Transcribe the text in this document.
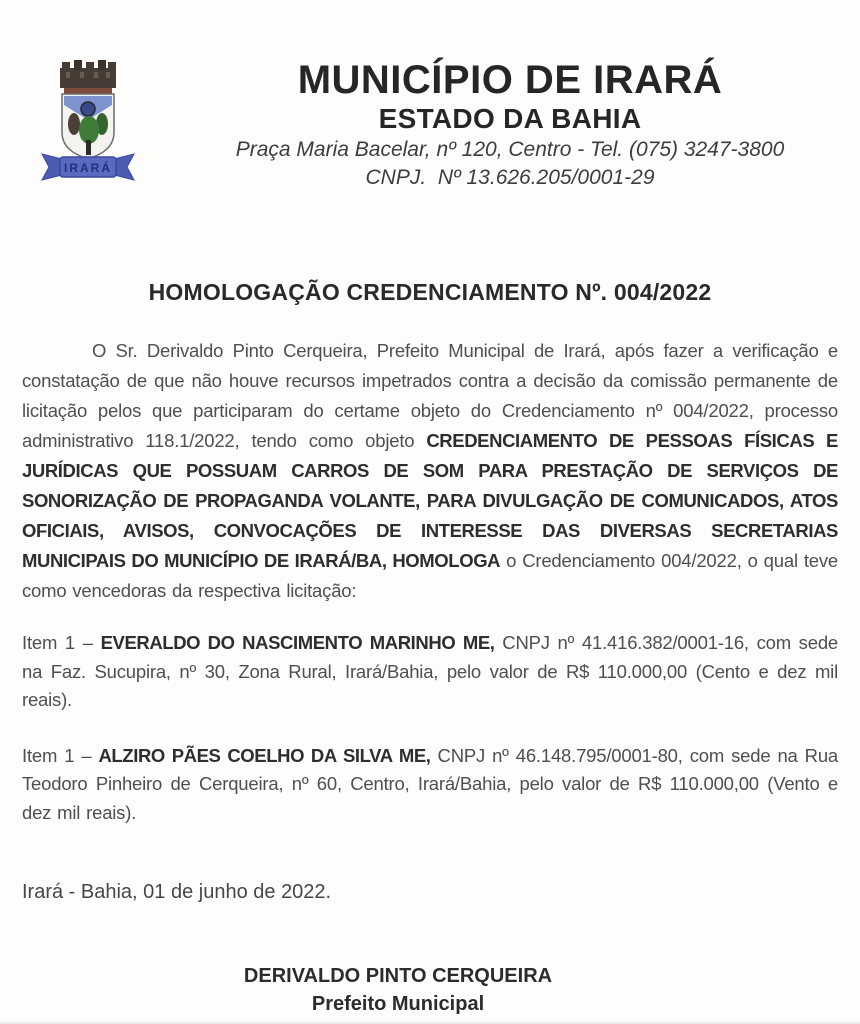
IRARÁ
MUNICÍPIO DE IRARÁ
ESTADO DA BAHIA
Praça Maria Bacelar, nº 120, Centro - Tel. (075) 3247-3800
CNPJ.  Nº 13.626.205/0001-29
HOMOLOGAÇÃO CREDENCIAMENTO Nº. 004/2022

O Sr. Derivaldo Pinto Cerqueira, Prefeito Municipal de Irará, após fazer a verificação e constatação de que não houve recursos impetrados contra a decisão da comissão permanente de licitação pelos que participaram do certame objeto do Credenciamento nº 004/2022, processo administrativo 118.1/2022, tendo como objeto CREDENCIAMENTO DE PESSOAS FÍSICAS E JURÍDICAS QUE POSSUAM CARROS DE SOM PARA PRESTAÇÃO DE SERVIÇOS DE SONORIZAÇÃO DE PROPAGANDA VOLANTE, PARA DIVULGAÇÃO DE COMUNICADOS, ATOS OFICIAIS, AVISOS, CONVOCAÇÕES DE INTERESSE DAS DIVERSAS SECRETARIAS MUNICIPAIS DO MUNICÍPIO DE IRARÁ/BA, HOMOLOGA o Credenciamento 004/2022, o qual teve como vencedoras da respectiva licitação:

Item 1 – EVERALDO DO NASCIMENTO MARINHO ME, CNPJ nº 41.416.382/0001-16, com sede na Faz. Sucupira, nº 30, Zona Rural, Irará/Bahia, pelo valor de R$ 110.000,00 (Cento e dez mil reais).

Item 1 – ALZIRO PÃES COELHO DA SILVA ME, CNPJ nº 46.148.795/0001-80, com sede na Rua Teodoro Pinheiro de Cerqueira, nº 60, Centro, Irará/Bahia, pelo valor de R$ 110.000,00 (Vento e dez mil reais).

Irará - Bahia, 01 de junho de 2022.
DERIVALDO PINTO CERQUEIRA
Prefeito Municipal
